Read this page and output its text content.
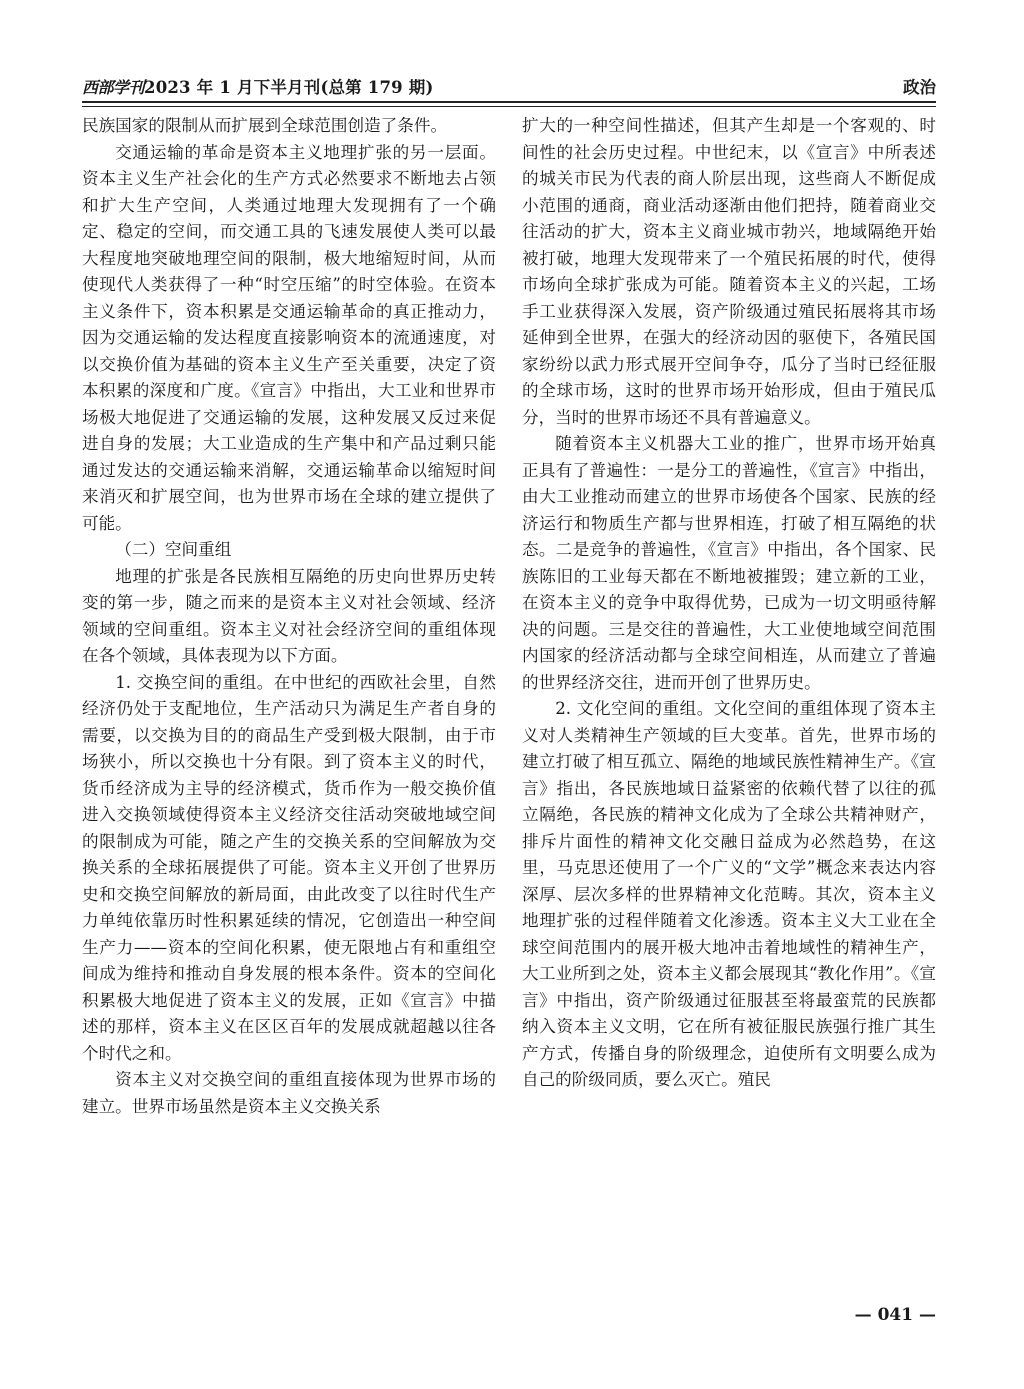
西部学刊2023 年 1 月下半月刊(总第 179 期)	政治

民族国家的限制从而扩展到全球范围创造了条件。

交通运输的革命是资本主义地理扩张的另一层面。资本主义生产社会化的生产方式必然要求不断地去占领和扩大生产空间，人类通过地理大发现拥有了一个确定、稳定的空间，而交通工具的飞速发展使人类可以最大程度地突破地理空间的限制，极大地缩短时间，从而使现代人类获得了一种“时空压缩”的时空体验。在资本主义条件下，资本积累是交通运输革命的真正推动力，因为交通运输的发达程度直接影响资本的流通速度，对以交换价值为基础的资本主义生产至关重要，决定了资本积累的深度和广度。《宣言》中指出，大工业和世界市场极大地促进了交通运输的发展，这种发展又反过来促进自身的发展；大工业造成的生产集中和产品过剩只能通过发达的交通运输来消解，交通运输革命以缩短时间来消灭和扩展空间，也为世界市场在全球的建立提供了可能。

（二）空间重组

地理的扩张是各民族相互隔绝的历史向世界历史转变的第一步，随之而来的是资本主义对社会领域、经济领域的空间重组。资本主义对社会经济空间的重组体现在各个领域，具体表现为以下方面。

1. 交换空间的重组。在中世纪的西欧社会里，自然经济仍处于支配地位，生产活动只为满足生产者自身的需要，以交换为目的的商品生产受到极大限制，由于市场狭小，所以交换也十分有限。到了资本主义的时代，货币经济成为主导的经济模式，货币作为一般交换价值进入交换领域使得资本主义经济交往活动突破地域空间的限制成为可能，随之产生的交换关系的空间解放为交换关系的全球拓展提供了可能。资本主义开创了世界历史和交换空间解放的新局面，由此改变了以往时代生产力单纯依靠历时性积累延续的情况，它创造出一种空间生产力——资本的空间化积累，使无限地占有和重组空间成为维持和推动自身发展的根本条件。资本的空间化积累极大地促进了资本主义的发展，正如《宣言》中描述的那样，资本主义在区区百年的发展成就超越以往各个时代之和。

资本主义对交换空间的重组直接体现为世界市场的建立。世界市场虽然是资本主义交换关系

扩大的一种空间性描述，但其产生却是一个客观的、时间性的社会历史过程。中世纪末，以《宣言》中所表述的城关市民为代表的商人阶层出现，这些商人不断促成小范围的通商，商业活动逐渐由他们把持，随着商业交往活动的扩大，资本主义商业城市勃兴，地域隔绝开始被打破，地理大发现带来了一个殖民拓展的时代，使得市场向全球扩张成为可能。随着资本主义的兴起，工场手工业获得深入发展，资产阶级通过殖民拓展将其市场延伸到全世界，在强大的经济动因的驱使下，各殖民国家纷纷以武力形式展开空间争夺，瓜分了当时已经征服的全球市场，这时的世界市场开始形成，但由于殖民瓜分，当时的世界市场还不具有普遍意义。

随着资本主义机器大工业的推广，世界市场开始真正具有了普遍性：一是分工的普遍性，《宣言》中指出，由大工业推动而建立的世界市场使各个国家、民族的经济运行和物质生产都与世界相连，打破了相互隔绝的状态。二是竞争的普遍性，《宣言》中指出，各个国家、民族陈旧的工业每天都在不断地被摧毁；建立新的工业，在资本主义的竞争中取得优势，已成为一切文明亟待解决的问题。三是交往的普遍性，大工业使地域空间范围内国家的经济活动都与全球空间相连，从而建立了普遍的世界经济交往，进而开创了世界历史。

2. 文化空间的重组。文化空间的重组体现了资本主义对人类精神生产领域的巨大变革。首先，世界市场的建立打破了相互孤立、隔绝的地域民族性精神生产。《宣言》指出，各民族地域日益紧密的依赖代替了以往的孤立隔绝，各民族的精神文化成为了全球公共精神财产，排斥片面性的精神文化交融日益成为必然趋势，在这里，马克思还使用了一个广义的“文学”概念来表达内容深厚、层次多样的世界精神文化范畴。其次，资本主义地理扩张的过程伴随着文化渗透。资本主义大工业在全球空间范围内的展开极大地冲击着地域性的精神生产，大工业所到之处，资本主义都会展现其“教化作用”。《宣言》中指出，资产阶级通过征服甚至将最蛮荒的民族都纳入资本主义文明，它在所有被征服民族强行推广其生产方式，传播自身的阶级理念，迫使所有文明要么成为自己的阶级同质，要么灭亡。殖民

— 041 —
